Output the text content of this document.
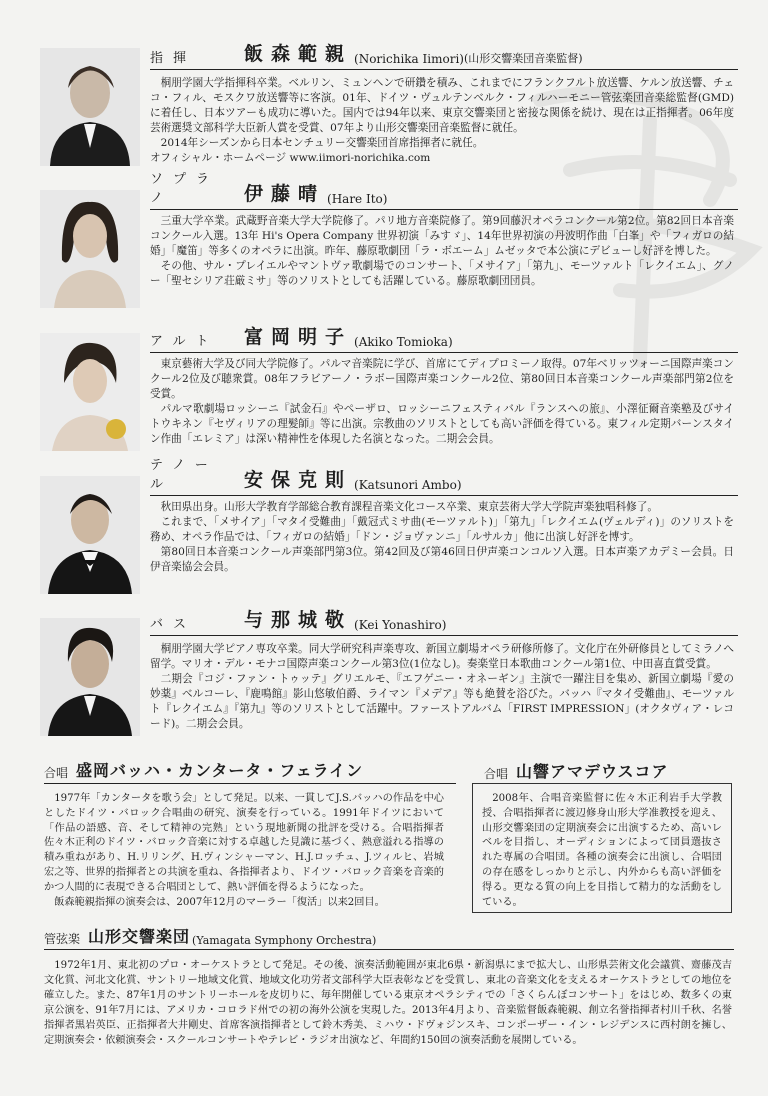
指揮	飯森範親 (Norichika Iimori) (山形交響楽団音楽監督)

桐朋学園大学指揮科卒業。ベルリン、ミュンヘンで研鑽を積み、これまでにフランクフルト放送響、ケルン放送響、チェコ・フィル、モスクワ放送響等に客演。01年、ドイツ・ヴュルテンベルク・フィルハーモニー管弦楽団音楽総監督(GMD)に着任し、日本ツアーも成功に導いた。国内では94年以来、東京交響楽団と密接な関係を続け、現在は正指揮者。06年度 芸術選奨文部科学大臣新人賞を受賞、07年より山形交響楽団音楽監督に就任。

2014年シーズンから日本センチュリー交響楽団首席指揮者に就任。

オフィシャル・ホームページ www.iimori-norichika.com

ソプラノ	伊藤晴 (Hare Ito)

三重大学卒業。武蔵野音楽大学大学院修了。パリ地方音楽院修了。第9回藤沢オペラコンクール第2位。第82回日本音楽コンクール入選。13年 Hi's Opera Company 世界初演「みすゞ」、14年世界初演の丹波明作曲「白峯」や「フィガロの結婚」「魔笛」等多くのオペラに出演。昨年、藤原歌劇団「ラ・ボエーム」ムゼッタで本公演にデビューし好評を博した。

その他、サル・プレイエルやマントヴァ歌劇場でのコンサート、「メサイア」「第九」、モーツァルト「レクイエム」、グノー「聖セシリア荘厳ミサ」等のソリストとしても活躍している。藤原歌劇団団員。

アルト	富岡明子 (Akiko Tomioka)

東京藝術大学及び同大学院修了。パルマ音楽院に学び、首席にてディプロミーノ取得。07年ベリッツォーニ国際声楽コンクール2位及び聴衆賞。08年フラビアーノ・ラボー国際声楽コンクール2位、第80回日本音楽コンクール声楽部門第2位を受賞。

パルマ歌劇場ロッシーニ『試金石』やペーザロ、ロッシーニフェスティバル『ランスへの旅』、小澤征爾音楽塾及びサイトウキネン『セヴィリアの理髪師』等に出演。宗教曲のソリストとしても高い評価を得ている。東フィル定期バーンスタイン作曲「エレミア」は深い精神性を体現した名演となった。二期会会員。

テノール	安保克則 (Katsunori Ambo)

秋田県出身。山形大学教育学部総合教育課程音楽文化コース卒業、東京芸術大学大学院声楽独唱科修了。

これまで、「メサイア」「マタイ受難曲」「戴冠式ミサ曲(モーツァルト)」「第九」「レクイエム(ヴェルディ)」のソリストを務め、オペラ作品では、「フィガロの結婚」「ドン・ジョヴァンニ」「ルサルカ」他に出演し好評を博す。

第80回日本音楽コンクール声楽部門第3位。第42回及び第46回日伊声楽コンコルソ入選。日本声楽アカデミー会員。日伊音楽協会会員。

バス	与那城敬 (Kei Yonashiro)

桐朋学園大学ピアノ専攻卒業。同大学研究科声楽専攻、新国立劇場オペラ研修所修了。文化庁在外研修員としてミラノへ留学。マリオ・デル・モナコ国際声楽コンクール第3位(1位なし)。奏楽堂日本歌曲コンクール第1位、中田喜直賞受賞。

二期会『コジ・ファン・トゥッテ』グリエルモ、『エフゲニー・オネーギン』主演で一躍注目を集め、新国立劇場『愛の妙薬』ベルコーレ、『鹿鳴館』影山悠敏伯爵、ライマン『メデア』等も絶賛を浴びた。バッハ『マタイ受難曲』、モーツァルト『レクイエム』『第九』等のソリストとして活躍中。ファーストアルバム「FIRST IMPRESSION」(オクタヴィア・レコード)。二期会会員。

合唱 盛岡バッハ・カンタータ・フェライン

1977年「カンタータを歌う会」として発足。以来、一貫してJ.S.バッハの作品を中心としたドイツ・バロック合唱曲の研究、演奏を行っている。1991年ドイツにおいて「作品の語感、音、そして精神の完熟」という現地新聞の批評を受ける。合唱指揮者佐々木正利のドイツ・バロック音楽に対する卓越した見識に基づく、熱意溢れる指導の積み重ねがあり、H.リリング、H.ヴィンシャーマン、H.J.ロッチュ、J.ツィルヒ、岩城宏之等、世界的指揮者との共演を重ね、各指揮者より、ドイツ・バロック音楽を音楽的かつ人間的に表現できる合唱団として、熱い評価を得るようになった。

飯森範親指揮の演奏会は、2007年12月のマーラー「復活」以来2回目。

合唱 山響アマデウスコア

2008年、合唱音楽監督に佐々木正利岩手大学教授、合唱指揮者に渡辺修身山形大学准教授を迎え、山形交響楽団の定期演奏会に出演するため、高いレベルを目指し、オーディションによって団員選抜された専属の合唱団。各種の演奏会に出演し、合唱団の存在感をしっかりと示し、内外からも高い評価を得る。更なる質の向上を目指して精力的な活動をしている。

管弦楽 山形交響楽団 (Yamagata Symphony Orchestra)

1972年1月、東北初のプロ・オーケストラとして発足。その後、演奏活動範囲が東北6県・新潟県にまで拡大し、山形県芸術文化会議賞、齋藤茂吉文化賞、河北文化賞、サントリー地域文化賞、地域文化功労者文部科学大臣表彰などを受賞し、東北の音楽文化を支えるオーケストラとしての地位を確立した。また、87年1月のサントリーホールを皮切りに、毎年開催している東京オペラシティでの「さくらんぼコンサート」をはじめ、数多くの東京公演を、91年7月には、アメリカ・コロラド州での初の海外公演を実現した。2013年4月より、音楽監督飯森範親、創立名誉指揮者村川千秋、名誉指揮者黒岩英臣、正指揮者大井剛史、首席客演指揮者として鈴木秀美、ミハウ・ドヴォジンスキ、コンポーザー・イン・レジデンスに西村朗を擁し、定期演奏会・依頼演奏会・スクールコンサートやテレビ・ラジオ出演など、年間約150回の演奏活動を展開している。
